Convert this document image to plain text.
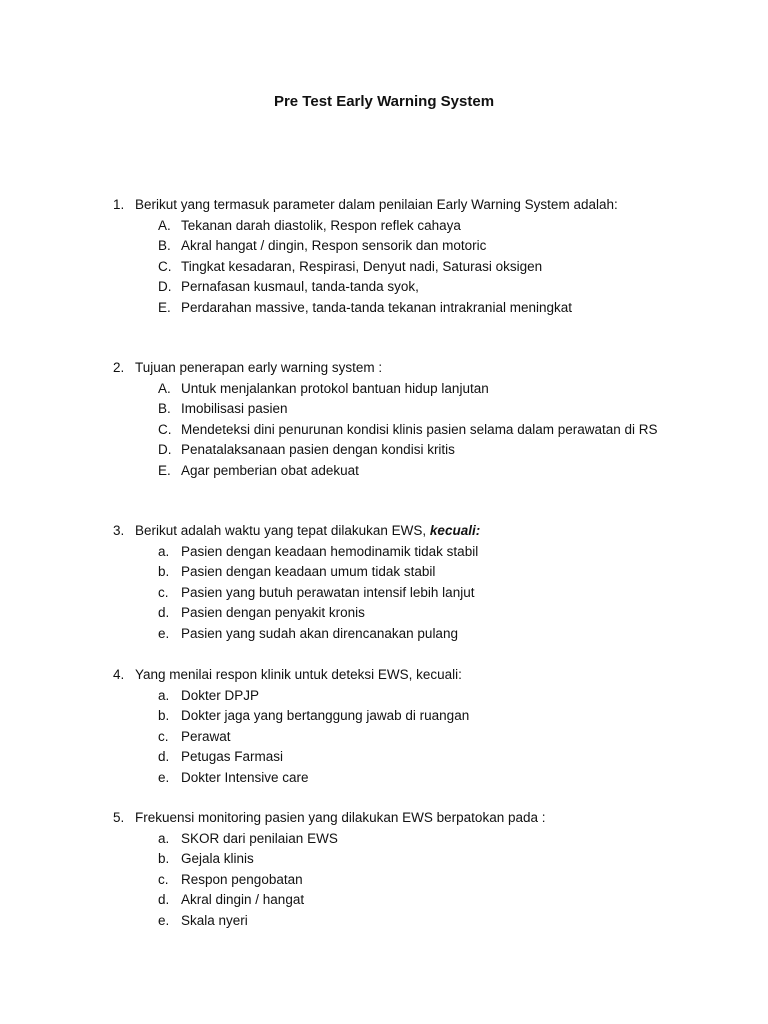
Pre Test Early Warning System
1. Berikut yang termasuk parameter dalam penilaian Early Warning System adalah:
A. Tekanan darah diastolik, Respon reflek cahaya
B. Akral hangat / dingin, Respon sensorik dan motoric
C. Tingkat kesadaran, Respirasi, Denyut nadi, Saturasi oksigen
D. Pernafasan kusmaul, tanda-tanda syok,
E. Perdarahan massive, tanda-tanda tekanan intrakranial meningkat
2. Tujuan penerapan early warning system :
A. Untuk menjalankan protokol bantuan hidup lanjutan
B. Imobilisasi pasien
C. Mendeteksi dini penurunan kondisi klinis pasien selama dalam perawatan di RS
D. Penatalaksanaan pasien dengan kondisi kritis
E. Agar pemberian obat adekuat
3. Berikut adalah waktu yang tepat dilakukan EWS, kecuali:
a. Pasien dengan keadaan hemodinamik tidak stabil
b. Pasien dengan keadaan umum tidak stabil
c. Pasien yang butuh perawatan intensif lebih lanjut
d. Pasien dengan penyakit kronis
e. Pasien yang sudah akan direncanakan pulang
4. Yang menilai respon klinik untuk deteksi EWS, kecuali:
a. Dokter DPJP
b. Dokter jaga yang bertanggung jawab di ruangan
c. Perawat
d. Petugas Farmasi
e. Dokter Intensive care
5. Frekuensi monitoring pasien yang dilakukan EWS berpatokan pada :
a. SKOR dari penilaian EWS
b. Gejala klinis
c. Respon pengobatan
d. Akral dingin / hangat
e. Skala nyeri
